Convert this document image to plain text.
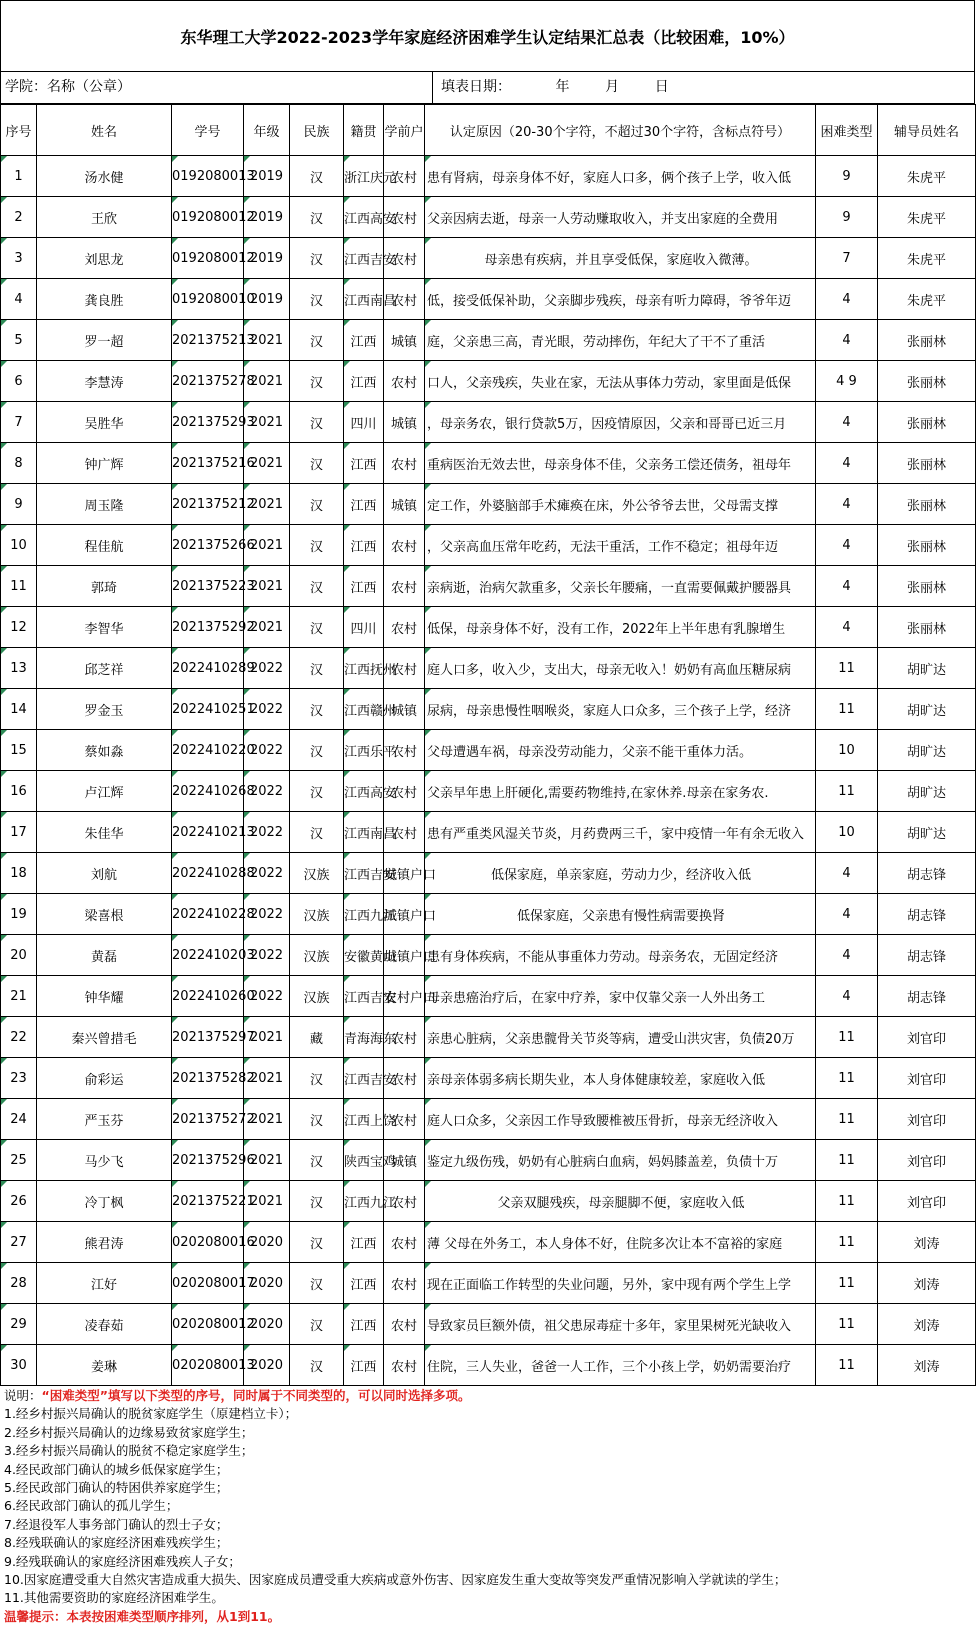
东华理工大学2022-2023学年家庭经济困难学生认定结果汇总表（比较困难，10%）
学院：名称（公章）	填表日期：          年        月        日
序号	姓名	学号	年级	民族	籍贯	学前户	认定原因（20-30个字符，不超过30个字符，含标点符号）	困难类型	辅导员姓名
1	汤水健	0192080013	2019	汉	浙江庆元	农村	患有肾病，母亲身体不好，家庭人口多，俩个孩子上学，收入低	9	朱虎平
2	王欣	0192080012	2019	汉	江西高安	农村	父亲因病去逝，母亲一人劳动赚取收入，并支出家庭的全费用	9	朱虎平
3	刘思龙	0192080012	2019	汉	江西吉安	农村	母亲患有疾病，并且享受低保，家庭收入微薄。	7	朱虎平
4	龚良胜	0192080010	2019	汉	江西南昌	农村	低，接受低保补助，父亲脚步残疾，母亲有听力障碍，爷爷年迈	4	朱虎平
5	罗一超	2021375213	2021	汉	江西	城镇	庭，父亲患三高，青光眼，劳动摔伤，年纪大了干不了重活	4	张丽林
6	李慧涛	2021375278	2021	汉	江西	农村	口人，父亲残疾，失业在家，无法从事体力劳动，家里面是低保	4 9	张丽林
7	吴胜华	2021375293	2021	汉	四川	城镇	，母亲务农，银行贷款5万，因疫情原因，父亲和哥哥已近三月	4	张丽林
8	钟广辉	2021375216	2021	汉	江西	农村	重病医治无效去世，母亲身体不佳，父亲务工偿还债务，祖母年	4	张丽林
9	周玉隆	2021375212	2021	汉	江西	城镇	定工作，外婆脑部手术瘫痪在床，外公爷爷去世，父母需支撑	4	张丽林
10	程佳航	2021375266	2021	汉	江西	农村	，父亲高血压常年吃药，无法干重活，工作不稳定；祖母年迈	4	张丽林
11	郭琦	2021375223	2021	汉	江西	农村	亲病逝，治病欠款重多，父亲长年腰痛，一直需要佩戴护腰器具	4	张丽林
12	李智华	2021375292	2021	汉	四川	农村	低保，母亲身体不好，没有工作，2022年上半年患有乳腺增生	4	张丽林
13	邱芝祥	2022410289	2022	汉	江西抚州	农村	庭人口多，收入少，支出大，母亲无收入！奶奶有高血压糖尿病	11	胡旷达
14	罗金玉	2022410251	2022	汉	江西赣州	城镇	尿病，母亲患慢性咽喉炎，家庭人口众多，三个孩子上学，经济	11	胡旷达
15	蔡如淼	2022410220	2022	汉	江西乐平	农村	父母遭遇车祸，母亲没劳动能力，父亲不能干重体力活。	10	胡旷达
16	卢江辉	2022410268	2022	汉	江西高安	农村	父亲早年患上肝硬化,需要药物维持,在家休养.母亲在家务农.	11	胡旷达
17	朱佳华	2022410213	2022	汉	江西南昌	农村	患有严重类风湿关节炎，月药费两三千，家中疫情一年有余无收入	10	胡旷达
18	刘航	2022410288	2022	汉族	江西吉安	城镇户口	低保家庭，单亲家庭，劳动力少，经济收入低	4	胡志锋
19	梁喜根	2022410228	2022	汉族	江西九江	城镇户口	低保家庭，父亲患有慢性病需要换肾	4	胡志锋
20	黄磊	2022410203	2022	汉族	安徽黄山	城镇户口	患有身体疾病，不能从事重体力劳动。母亲务农，无固定经济	4	胡志锋
21	钟华耀	2022410260	2022	汉族	江西吉安	农村户口	母亲患癌治疗后，在家中疗养，家中仅靠父亲一人外出务工	4	胡志锋
22	秦兴曾措毛	2021375297	2021	藏	青海海东	农村	亲患心脏病，父亲患髋骨关节炎等病，遭受山洪灾害，负债20万	11	刘官印
23	俞彩运	2021375282	2021	汉	江西吉安	农村	亲母亲体弱多病长期失业，本人身体健康较差，家庭收入低	11	刘官印
24	严玉芬	2021375272	2021	汉	江西上饶	农村	庭人口众多，父亲因工作导致腰椎被压骨折，母亲无经济收入	11	刘官印
25	马少飞	2021375296	2021	汉	陕西宝鸡	城镇	鉴定九级伤残，奶奶有心脏病白血病，妈妈膝盖差，负债十万	11	刘官印
26	冷丁枫	2021375221	2021	汉	江西九江	农村	父亲双腿残疾，母亲腿脚不便，家庭收入低	11	刘官印
27	熊君涛	0202080016	2020	汉	江西	农村	薄 父母在外务工，本人身体不好，住院多次让本不富裕的家庭	11	刘涛
28	江好	0202080017	2020	汉	江西	农村	现在正面临工作转型的失业问题，另外，家中现有两个学生上学	11	刘涛
29	凌春茹	0202080012	2020	汉	江西	农村	导致家员巨额外债，祖父患尿毒症十多年，家里果树死光缺收入	11	刘涛
30	姜琳	0202080013	2020	汉	江西	农村	住院，三人失业，爸爸一人工作，三个小孩上学，奶奶需要治疗	11	刘涛
说明：“困难类型”填写以下类型的序号，同时属于不同类型的，可以同时选择多项。
1.经乡村振兴局确认的脱贫家庭学生（原建档立卡）；
2.经乡村振兴局确认的边缘易致贫家庭学生；
3.经乡村振兴局确认的脱贫不稳定家庭学生；
4.经民政部门确认的城乡低保家庭学生；
5.经民政部门确认的特困供养家庭学生；
6.经民政部门确认的孤儿学生；
7.经退役军人事务部门确认的烈士子女；
8.经残联确认的家庭经济困难残疾学生；
9.经残联确认的家庭经济困难残疾人子女；
10.因家庭遭受重大自然灾害造成重大损失、因家庭成员遭受重大疾病或意外伤害、因家庭发生重大变故等突发严重情况影响入学就读的学生；
11.其他需要资助的家庭经济困难学生。
温馨提示：本表按困难类型顺序排列，从1到11。
